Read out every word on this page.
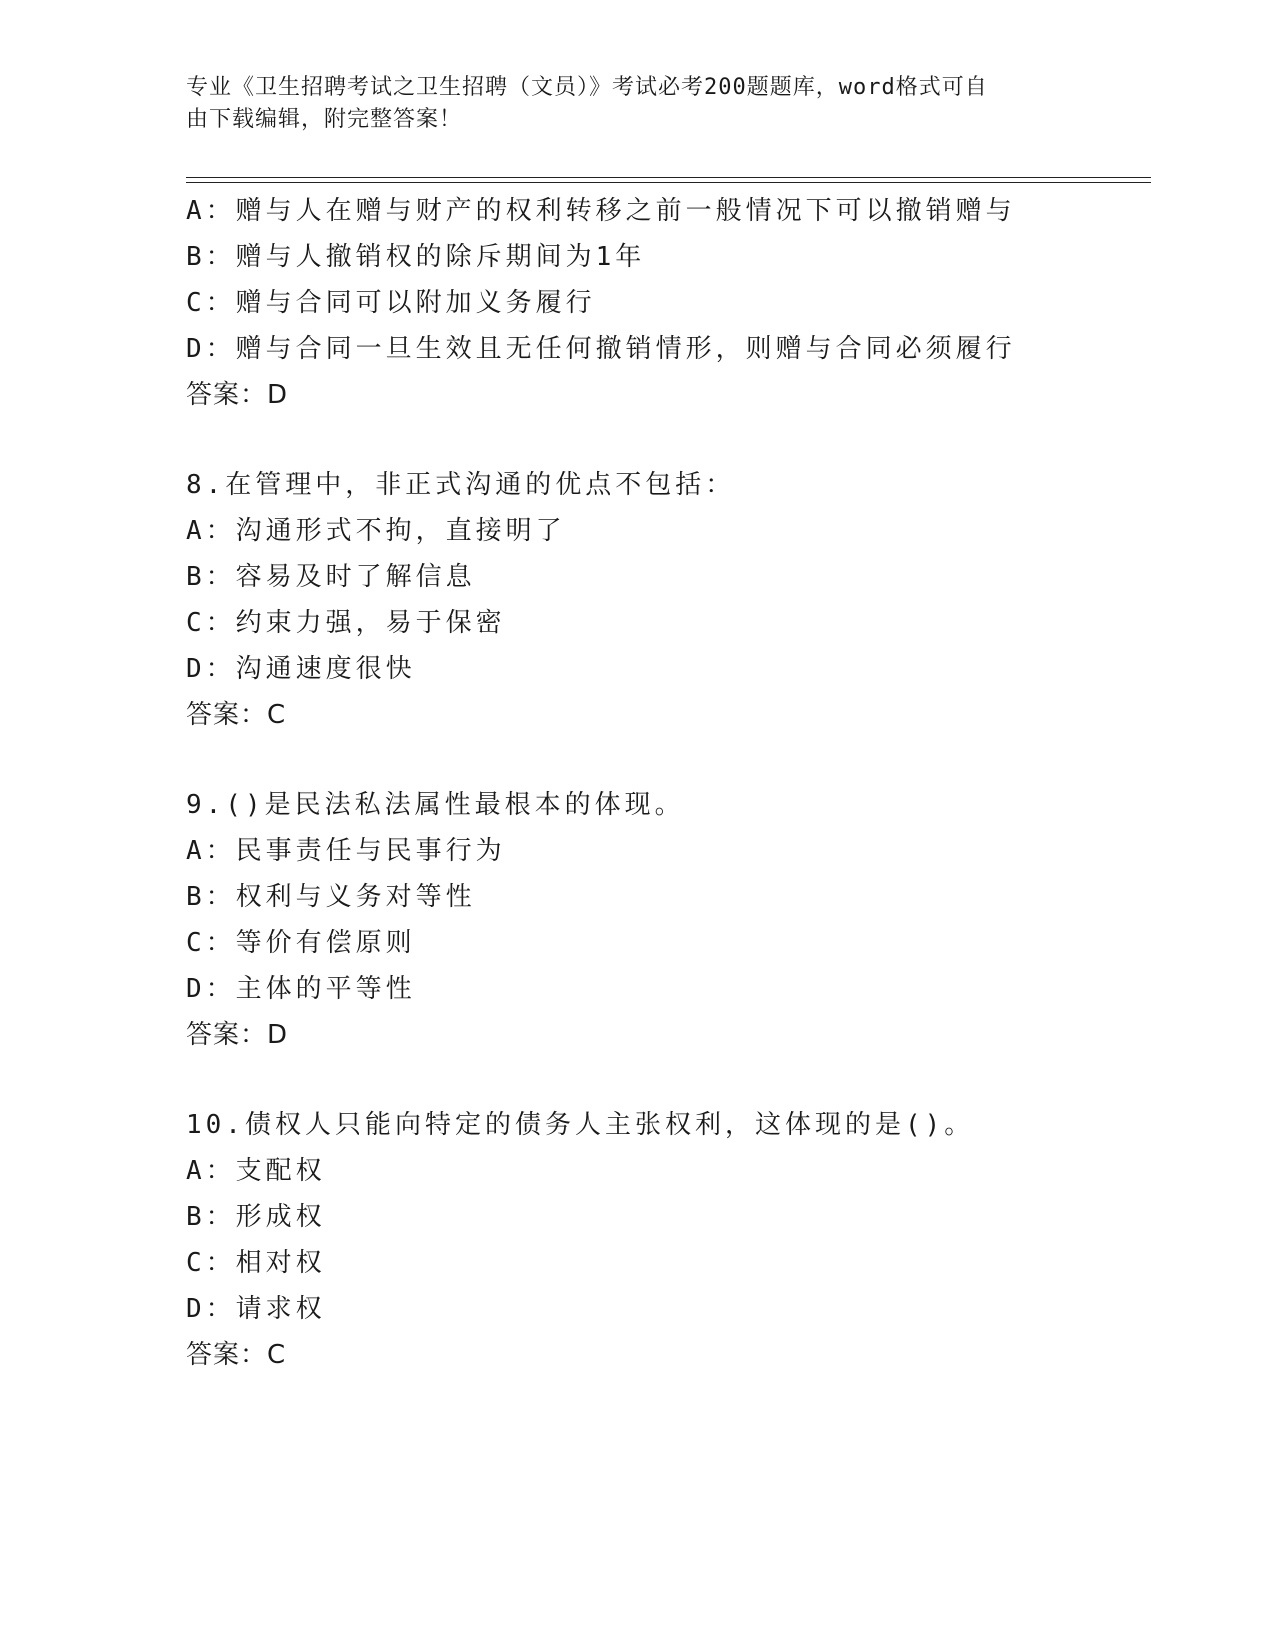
专业《卫生招聘考试之卫生招聘（文员）》考试必考200题题库，word格式可自
由下载编辑，附完整答案！
A：赠与人在赠与财产的权利转移之前一般情况下可以撤销赠与
B：赠与人撤销权的除斥期间为1年
C：赠与合同可以附加义务履行
D：赠与合同一旦生效且无任何撤销情形，则赠与合同必须履行
答案：D
8.在管理中，非正式沟通的优点不包括：
A：沟通形式不拘，直接明了
B：容易及时了解信息
C：约束力强，易于保密
D：沟通速度很快
答案：C
9.()是民法私法属性最根本的体现。
A：民事责任与民事行为
B：权利与义务对等性
C：等价有偿原则
D：主体的平等性
答案：D
10.债权人只能向特定的债务人主张权利，这体现的是()。
A：支配权
B：形成权
C：相对权
D：请求权
答案：C
